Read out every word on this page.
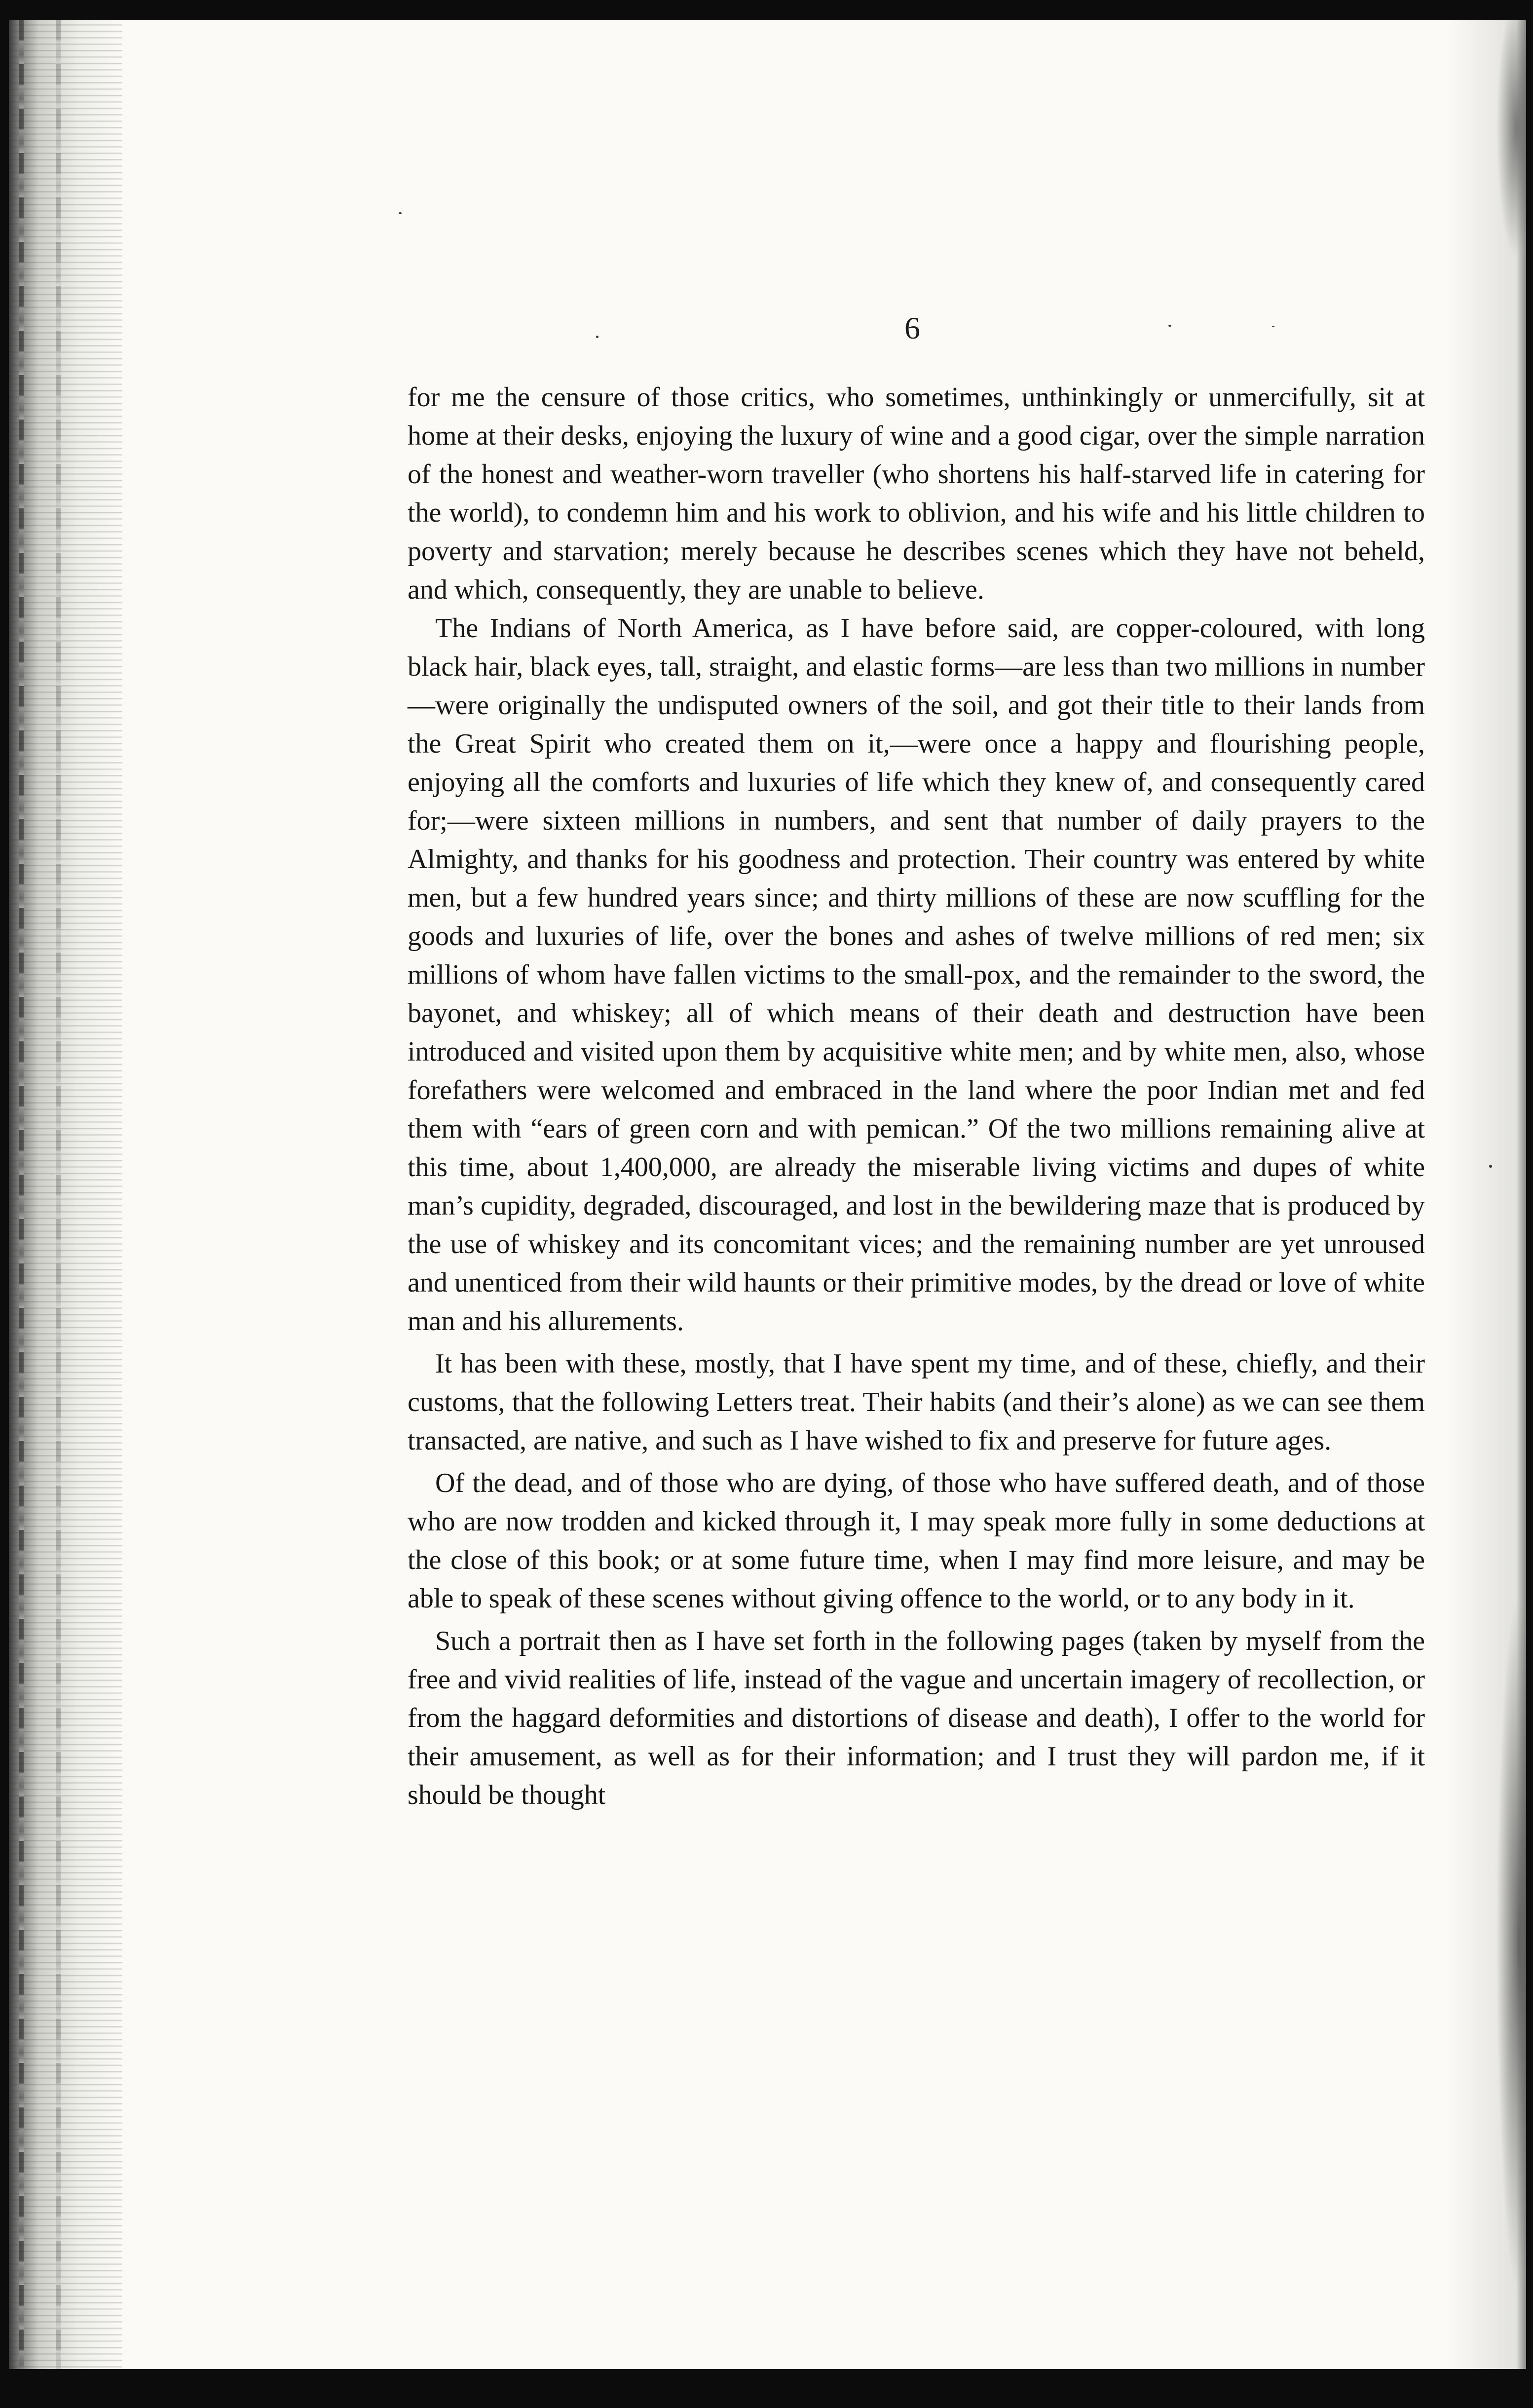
6

for me the censure of those critics, who sometimes, unthinkingly or unmercifully, sit at home at their desks, enjoying the luxury of wine and a good cigar, over the simple narration of the honest and weather-worn traveller (who shortens his half-starved life in catering for the world), to condemn him and his work to oblivion, and his wife and his little children to poverty and starvation; merely because he describes scenes which they have not beheld, and which, consequently, they are unable to believe.

The Indians of North America, as I have before said, are copper-coloured, with long black hair, black eyes, tall, straight, and elastic forms—are less than two millions in number—were originally the undisputed owners of the soil, and got their title to their lands from the Great Spirit who created them on it,—were once a happy and flourishing people, enjoying all the comforts and luxuries of life which they knew of, and consequently cared for;—were sixteen millions in numbers, and sent that number of daily prayers to the Almighty, and thanks for his goodness and protection. Their country was entered by white men, but a few hundred years since; and thirty millions of these are now scuffling for the goods and luxuries of life, over the bones and ashes of twelve millions of red men; six millions of whom have fallen victims to the small-pox, and the remainder to the sword, the bayonet, and whiskey; all of which means of their death and destruction have been introduced and visited upon them by acquisitive white men; and by white men, also, whose forefathers were welcomed and embraced in the land where the poor Indian met and fed them with “ears of green corn and with pemican.” Of the two millions remaining alive at this time, about 1,400,000, are already the miserable living victims and dupes of white man’s cupidity, degraded, discouraged, and lost in the bewildering maze that is produced by the use of whiskey and its concomitant vices; and the remaining number are yet unroused and unenticed from their wild haunts or their primitive modes, by the dread or love of white man and his allurements.

It has been with these, mostly, that I have spent my time, and of these, chiefly, and their customs, that the following Letters treat. Their habits (and their’s alone) as we can see them transacted, are native, and such as I have wished to fix and preserve for future ages.

Of the dead, and of those who are dying, of those who have suffered death, and of those who are now trodden and kicked through it, I may speak more fully in some deductions at the close of this book; or at some future time, when I may find more leisure, and may be able to speak of these scenes without giving offence to the world, or to any body in it.

Such a portrait then as I have set forth in the following pages (taken by myself from the free and vivid realities of life, instead of the vague and uncertain imagery of recollection, or from the haggard deformities and distortions of disease and death), I offer to the world for their amusement, as well as for their information; and I trust they will pardon me, if it should be thought
